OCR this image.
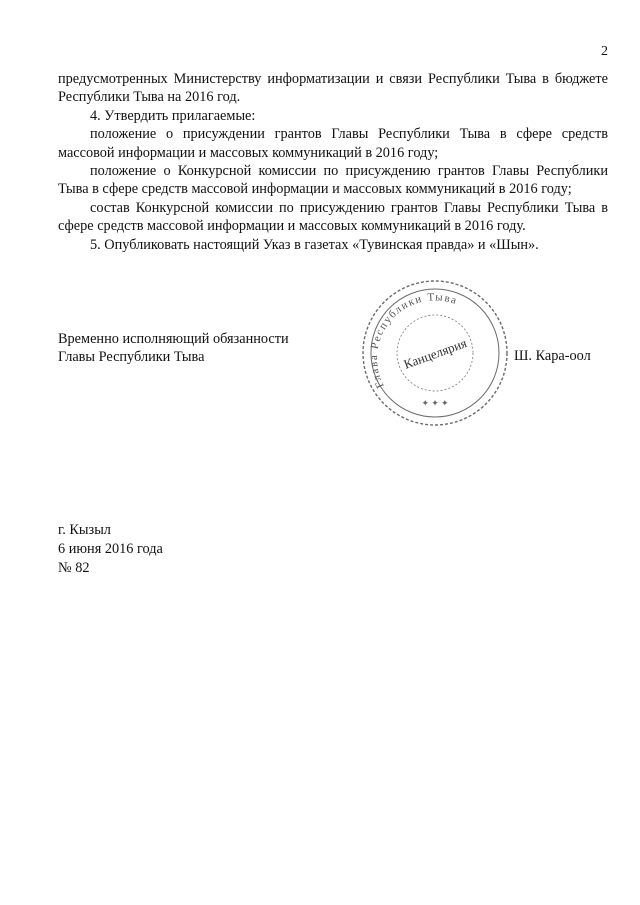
2

предусмотренных Министерству информатизации и связи Республики Тыва в бюджете Республики Тыва на 2016 год.

4. Утвердить прилагаемые:

положение о присуждении грантов Главы Республики Тыва в сфере средств массовой информации и массовых коммуникаций в 2016 году;

положение о Конкурсной комиссии по присуждению грантов Главы Республики Тыва в сфере средств массовой информации и массовых коммуникаций в 2016 году;

состав Конкурсной комиссии по присуждению грантов Главы Республики Тыва в сфере средств массовой информации и массовых коммуникаций в 2016 году.

5. Опубликовать настоящий Указ в газетах «Тувинская правда» и «Шын».

Временно исполняющий обязанности
Главы Республики Тыва
Глава Республики Тыва
Канцелярия
✦ ✦ ✦
Ш. Кара-оол
г. Кызыл
6 июня 2016 года
№ 82
